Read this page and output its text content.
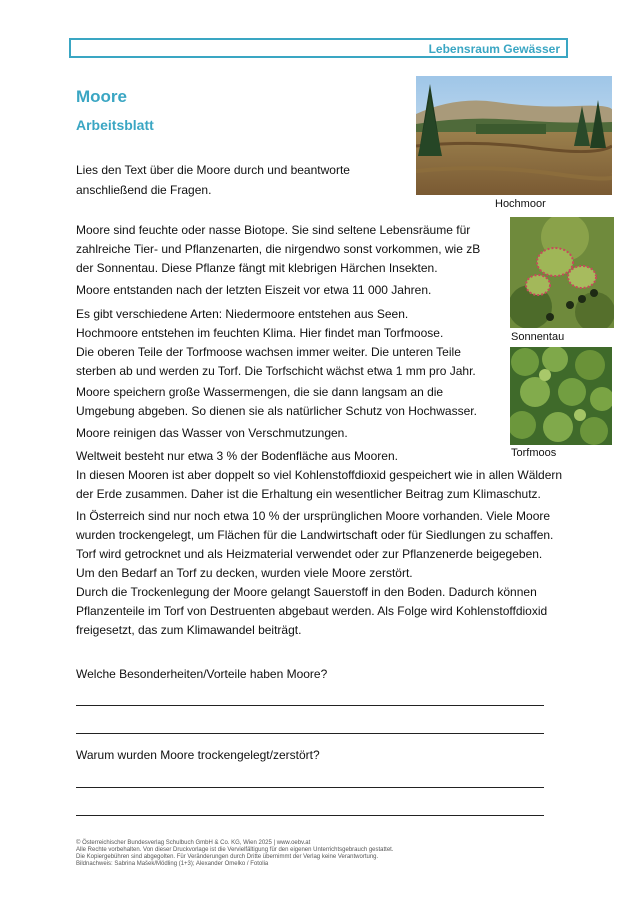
Lebensraum Gewässer
Moore
Arbeitsblatt
Lies den Text über die Moore durch und beantworte
anschließend die Fragen.
Hochmoor
Sonnentau
Torfmoos
Moore sind feuchte oder nasse Biotope. Sie sind seltene Lebensräume für
zahlreiche Tier- und Pflanzenarten, die nirgendwo sonst vorkommen, wie zB
der Sonnentau. Diese Pflanze fängt mit klebrigen Härchen Insekten.
Moore entstanden nach der letzten Eiszeit vor etwa 11 000 Jahren.
Es gibt verschiedene Arten: Niedermoore entstehen aus Seen.
Hochmoore entstehen im feuchten Klima. Hier findet man Torfmoose.
Die oberen Teile der Torfmoose wachsen immer weiter. Die unteren Teile
sterben ab und werden zu Torf. Die Torfschicht wächst etwa 1 mm pro Jahr.
Moore speichern große Wassermengen, die sie dann langsam an die
Umgebung abgeben. So dienen sie als natürlicher Schutz von Hochwasser.
Moore reinigen das Wasser von Verschmutzungen.
Weltweit besteht nur etwa 3 % der Bodenfläche aus Mooren.
In diesen Mooren ist aber doppelt so viel Kohlenstoffdioxid gespeichert wie in allen Wäldern
der Erde zusammen. Daher ist die Erhaltung ein wesentlicher Beitrag zum Klimaschutz.
In Österreich sind nur noch etwa 10 % der ursprünglichen Moore vorhanden. Viele Moore
wurden trockengelegt, um Flächen für die Landwirtschaft oder für Siedlungen zu schaffen.
Torf wird getrocknet und als Heizmaterial verwendet oder zur Pflanzenerde beigegeben.
Um den Bedarf an Torf zu decken, wurden viele Moore zerstört.
Durch die Trockenlegung der Moore gelangt Sauerstoff in den Boden. Dadurch können
Pflanzenteile im Torf von Destruenten abgebaut werden. Als Folge wird Kohlenstoffdioxid
freigesetzt, das zum Klimawandel beiträgt.
Welche Besonderheiten/Vorteile haben Moore?
Warum wurden Moore trockengelegt/zerstört?
© Österreichischer Bundesverlag Schulbuch GmbH & Co. KG, Wien 2025 | www.oebv.at
Alle Rechte vorbehalten. Von dieser Druckvorlage ist die Vervielfältigung für den eigenen Unterrichtsgebrauch gestattet.
Die Kopiergebühren sind abgegolten. Für Veränderungen durch Dritte übernimmt der Verlag keine Verantwortung.
Bildnachweis: Sabrina Mašek/Mödling (1+3); Alexander Omelko / Fotolia
